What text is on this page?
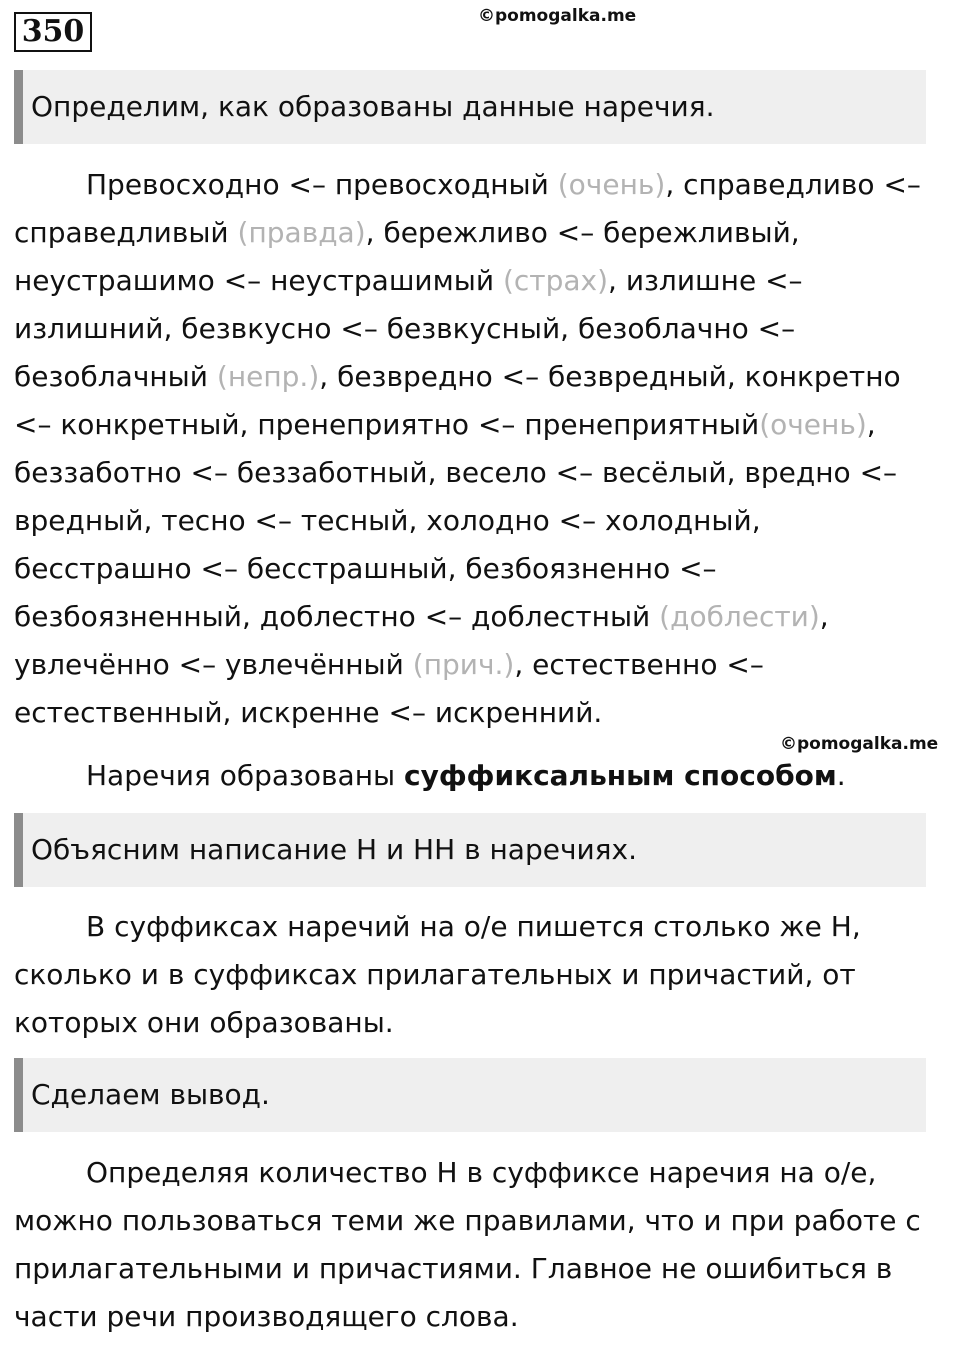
350	©pomogalka.me
Определим, как образованы данные наречия.
Превосходно <– превосходный (очень), справедливо <–
справедливый (правда), бережливо <– бережливый,
неустрашимо <– неустрашимый (страх), излишне <–
излишний, безвкусно <– безвкусный, безоблачно <–
безоблачный (непр.), безвредно <– безвредный, конкретно
<– конкретный, пренеприятно <– пренеприятный(очень),
беззаботно <– беззаботный, весело <– весёлый, вредно <–
вредный, тесно <– тесный, холодно <– холодный,
бесстрашно <– бесстрашный, безбоязненно <–
безбоязненный, доблестно <– доблестный (доблести),
увлечённо <– увлечённый (прич.), естественно <–
естественный, искренне <– искренний.
©pomogalka.me
Наречия образованы суффиксальным способом.
Объясним написание Н и НН в наречиях.
В суффиксах наречий на о/е пишется столько же Н, сколько и в суффиксах прилагательных и причастий, от которых они образованы.
Сделаем вывод.
Определяя количество Н в суффиксе наречия на о/е, можно пользоваться теми же правилами, что и при работе с прилагательными и причастиями. Главное не ошибиться в части речи производящего слова.
